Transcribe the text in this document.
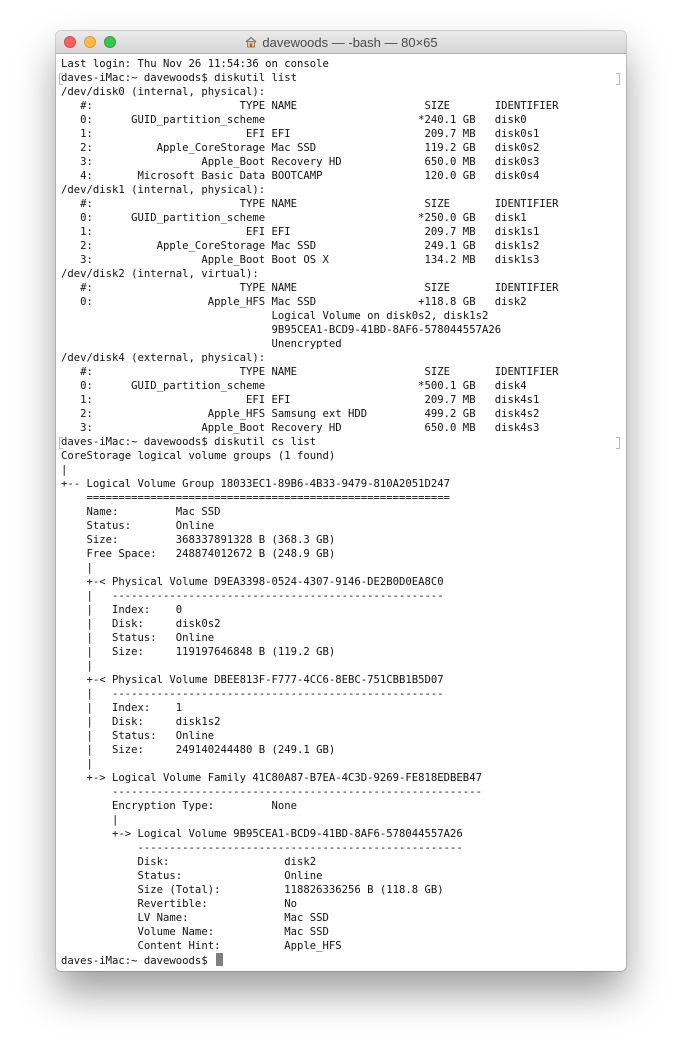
davewoods — -bash — 80×65
Last login: Thu Nov 26 11:54:36 on console
daves-iMac:~ davewoods$ diskutil list
/dev/disk0 (internal, physical):
#:                       TYPE NAME                    SIZE       IDENTIFIER
0:      GUID_partition_scheme                        *240.1 GB   disk0
1:                        EFI EFI                     209.7 MB   disk0s1
2:          Apple_CoreStorage Mac SSD                 119.2 GB   disk0s2
3:                 Apple_Boot Recovery HD             650.0 MB   disk0s3
4:       Microsoft Basic Data BOOTCAMP                120.0 GB   disk0s4
/dev/disk1 (internal, physical):
#:                       TYPE NAME                    SIZE       IDENTIFIER
0:      GUID_partition_scheme                        *250.0 GB   disk1
1:                        EFI EFI                     209.7 MB   disk1s1
2:          Apple_CoreStorage Mac SSD                 249.1 GB   disk1s2
3:                 Apple_Boot Boot OS X               134.2 MB   disk1s3
/dev/disk2 (internal, virtual):
#:                       TYPE NAME                    SIZE       IDENTIFIER
0:                  Apple_HFS Mac SSD                +118.8 GB   disk2
Logical Volume on disk0s2, disk1s2
9B95CEA1-BCD9-41BD-8AF6-578044557A26
Unencrypted
/dev/disk4 (external, physical):
#:                       TYPE NAME                    SIZE       IDENTIFIER
0:      GUID_partition_scheme                        *500.1 GB   disk4
1:                        EFI EFI                     209.7 MB   disk4s1
2:                  Apple_HFS Samsung ext HDD         499.2 GB   disk4s2
3:                 Apple_Boot Recovery HD             650.0 MB   disk4s3
daves-iMac:~ davewoods$ diskutil cs list
CoreStorage logical volume groups (1 found)
|
+-- Logical Volume Group 18033EC1-89B6-4B33-9479-810A2051D247
=========================================================
Name:         Mac SSD
Status:       Online
Size:         368337891328 B (368.3 GB)
Free Space:   248874012672 B (248.9 GB)
|
+-< Physical Volume D9EA3398-0524-4307-9146-DE2B0D0EA8C0
|   ----------------------------------------------------
|   Index:    0
|   Disk:     disk0s2
|   Status:   Online
|   Size:     119197646848 B (119.2 GB)
|
+-< Physical Volume DBEE813F-F777-4CC6-8EBC-751CBB1B5D07
|   ----------------------------------------------------
|   Index:    1
|   Disk:     disk1s2
|   Status:   Online
|   Size:     249140244480 B (249.1 GB)
|
+-> Logical Volume Family 41C80A87-B7EA-4C3D-9269-FE818EDBEB47
----------------------------------------------------------
Encryption Type:         None
|
+-> Logical Volume 9B95CEA1-BCD9-41BD-8AF6-578044557A26
---------------------------------------------------
Disk:                  disk2
Status:                Online
Size (Total):          118826336256 B (118.8 GB)
Revertible:            No
LV Name:               Mac SSD
Volume Name:           Mac SSD
Content Hint:          Apple_HFS
daves-iMac:~ davewoods$
